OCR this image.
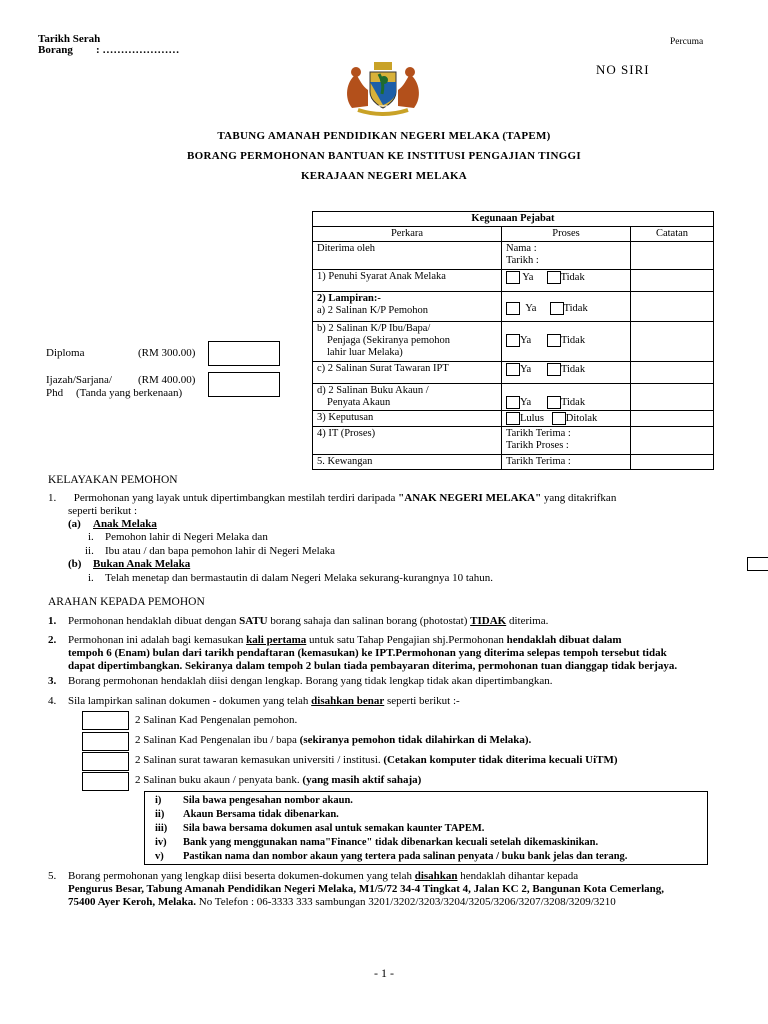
Tarikh Serah
Borang : …………………
Percuma
NO SIRI
TABUNG AMANAH PENDIDIKAN NEGERI MELAKA (TAPEM)
BORANG PERMOHONAN BANTUAN KE INSTITUSI PENGAJIAN TINGGI
KERAJAAN NEGERI MELAKA
Kegunaan Pejabat		
Perkara	Proses	Catatan
Diterima oleh	Nama :
Tarikh :	

1) Penuhi Syarat Anak Melaka	Ya Tidak	

2) Lampiran:-
a) 2 Salinan K/P Pemohon	Ya Tidak	

b) 2 Salinan K/P Ibu/Bapa/
Penjaga (Sekiranya pemohon
lahir luar Melaka)	Ya Tidak	
c) 2 Salinan Surat Tawaran IPT	Ya Tidak	

d) 2 Salinan Buku Akaun /
Penyata Akaun	Ya Tidak	
3) Keputusan	Lulus Ditolak	
4) IT (Proses)	Tarikh Terima :
Tarikh Proses :	

5. Kewangan	Tarikh Terima :	
Diploma	(RM 300.00)
Ijazah/Sarjana/ (RM 400.00)
Phd (Tanda yang berkenaan)
KELAYAKAN PEMOHON
1. Permohonan yang layak untuk dipertimbangkan mestilah terdiri daripada "ANAK NEGERI MELAKA" yang ditakrifkan
seperti berikut :
(a) Anak Melaka
i. Pemohon lahir di Negeri Melaka dan
ii. Ibu atau / dan bapa pemohon lahir di Negeri Melaka
(b) Bukan Anak Melaka
i. Telah menetap dan bermastautin di dalam Negeri Melaka sekurang-kurangnya 10 tahun.
ARAHAN KEPADA PEMOHON
1. Permohonan hendaklah dibuat dengan SATU borang sahaja dan salinan borang (photostat) TIDAK diterima.
2. Permohonan ini adalah bagi kemasukan kali pertama untuk satu Tahap Pengajian shj.Permohonan hendaklah dibuat dalam
tempoh 6 (Enam) bulan dari tarikh pendaftaran (kemasukan) ke IPT.Permohonan yang diterima selepas tempoh tersebut tidak
dapat dipertimbangkan. Sekiranya dalam tempoh 2 bulan tiada pembayaran diterima, permohonan tuan dianggap tidak berjaya.
3. Borang permohonan hendaklah diisi dengan lengkap. Borang yang tidak lengkap tidak akan dipertimbangkan.
4. Sila lampirkan salinan dokumen - dokumen yang telah disahkan benar seperti berikut :-
2 Salinan Kad Pengenalan pemohon.
2 Salinan Kad Pengenalan ibu / bapa (sekiranya pemohon tidak dilahirkan di Melaka).
2 Salinan surat tawaran kemasukan universiti / institusi. (Cetakan komputer tidak diterima kecuali UiTM)
2 Salinan buku akaun / penyata bank. (yang masih aktif sahaja)
i) Sila bawa pengesahan nombor akaun.
ii) Akaun Bersama tidak dibenarkan.
iii) Sila bawa bersama dokumen asal untuk semakan kaunter TAPEM.
iv) Bank yang menggunakan nama"Finance" tidak dibenarkan kecuali setelah dikemaskinikan.
v) Pastikan nama dan nombor akaun yang tertera pada salinan penyata / buku bank jelas dan terang.
5. Borang permohonan yang lengkap diisi beserta dokumen-dokumen yang telah disahkan hendaklah dihantar kepada
Pengurus Besar, Tabung Amanah Pendidikan Negeri Melaka, M1/5/72 34-4 Tingkat 4, Jalan KC 2, Bangunan Kota Cemerlang,
75400 Ayer Keroh, Melaka. No Telefon : 06-3333 333 sambungan 3201/3202/3203/3204/3205/3206/3207/3208/3209/3210
- 1 -
